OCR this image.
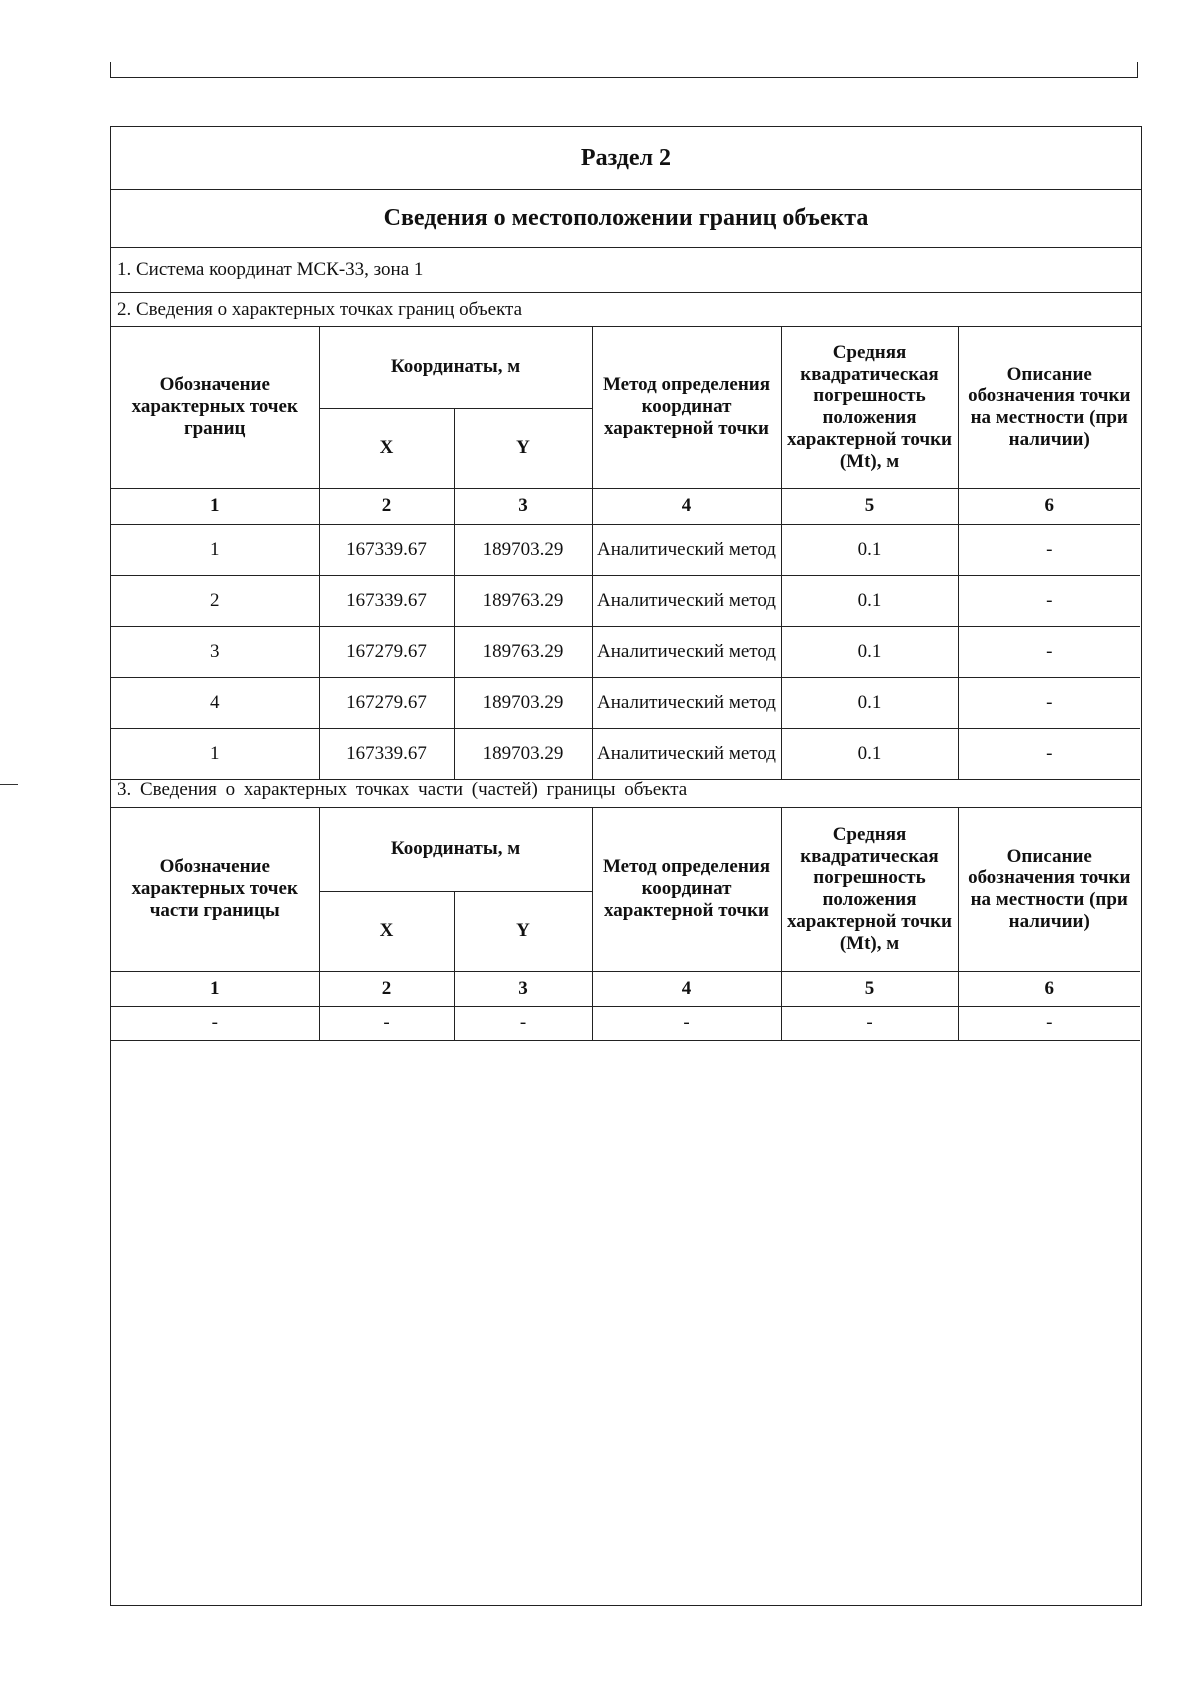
Раздел 2
Сведения о местоположении границ объекта
1. Система координат МСК-33, зона 1
2. Сведения о характерных точках границ объекта
Обозначение характерных точек границ	Координаты, м		Метод определения координат характерной точки	Средняя квадратическая погрешность положения характерной точки (Mt), м	Описание обозначения точки на местности (при наличии)
	X	Y			
1	2	3	4	5	6
1	167339.67	189703.29	Аналитический метод	0.1	-
2	167339.67	189763.29	Аналитический метод	0.1	-
3	167279.67	189763.29	Аналитический метод	0.1	-
4	167279.67	189703.29	Аналитический метод	0.1	-
1	167339.67	189703.29	Аналитический метод	0.1	-
3. Сведения о характерных точках части (частей) границы объекта
Обозначение характерных точек части границы	Координаты, м		Метод определения координат характерной точки	Средняя квадратическая погрешность положения характерной точки (Mt), м	Описание обозначения точки на местности (при наличии)
	X	Y			
1	2	3	4	5	6
-	-	-	-	-	-
